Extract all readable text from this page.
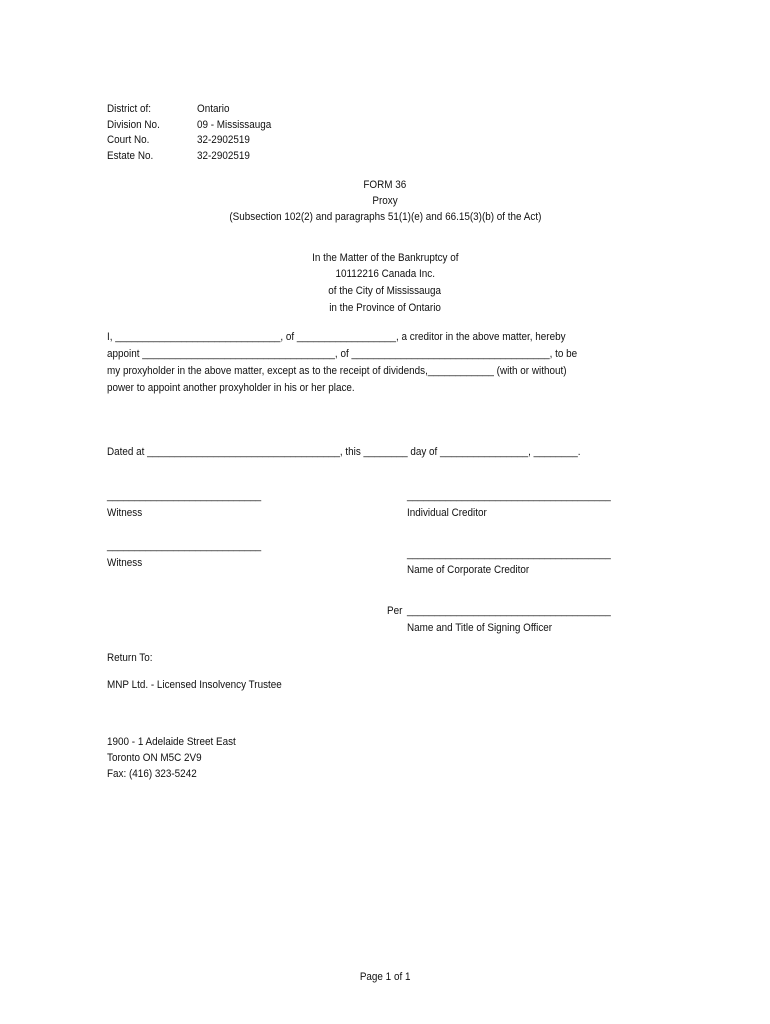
District of:	Ontario
Division No.	09 - Mississauga
Court No.	32-2902519
Estate No.	32-2902519
FORM 36
Proxy
(Subsection 102(2) and paragraphs 51(1)(e) and 66.15(3)(b) of the Act)
In the Matter of the Bankruptcy of
10112216 Canada Inc.
of the City of Mississauga
in the Province of Ontario
I, ______________________________, of __________________, a creditor in the above matter, hereby
appoint ___________________________________, of ____________________________________, to be
my proxyholder in the above matter, except as to the receipt of dividends,____________ (with or without)
power to appoint another proxyholder in his or her place.
Dated at ___________________________________, this ________ day of ________________, ________.
____________________________
Witness
____________________________
Witness
_____________________________________
Individual Creditor
_____________________________________
Name of Corporate Creditor
Per _____________________________________
Name and Title of Signing Officer
Return To:
MNP Ltd. - Licensed Insolvency Trustee
1900 - 1 Adelaide Street East
Toronto ON M5C 2V9
Fax: (416) 323-5242
Page 1 of 1
